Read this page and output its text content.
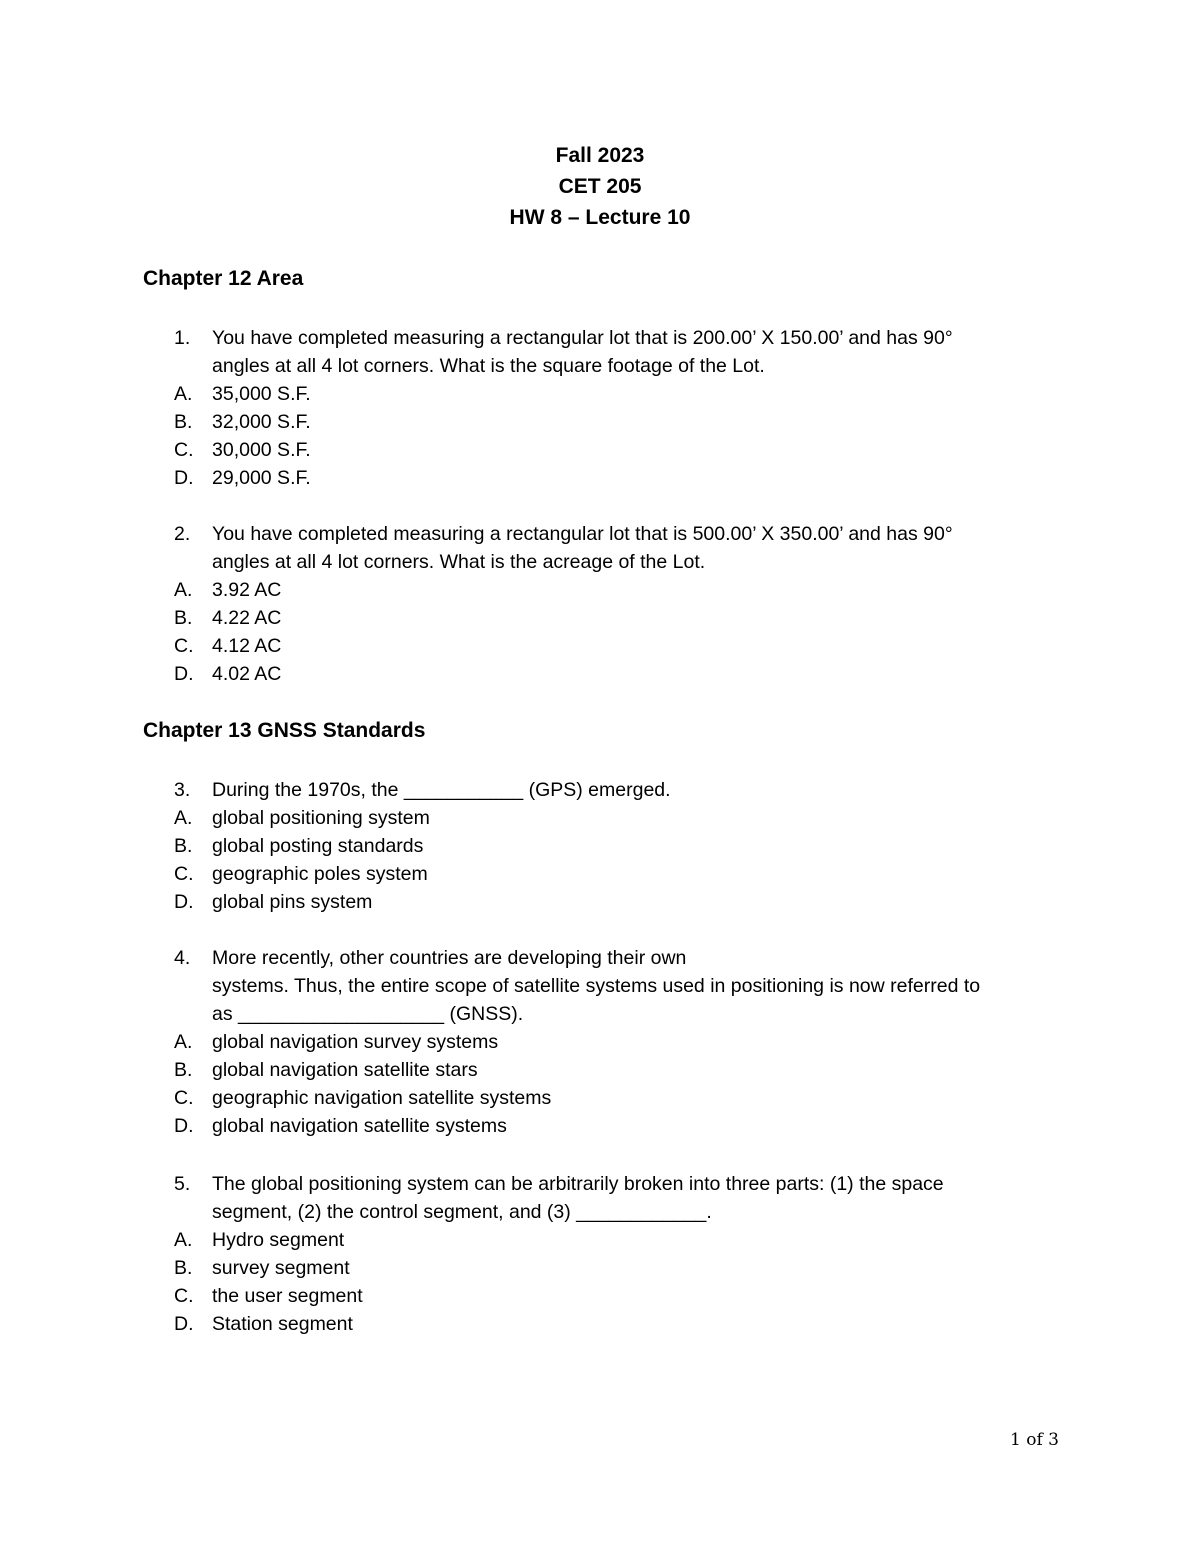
Fall 2023
CET 205
HW 8 – Lecture 10
Chapter 12 Area
1. You have completed measuring a rectangular lot that is 200.00’ X 150.00’ and has 90°
angles at all 4 lot corners. What is the square footage of the Lot.
A. 35,000 S.F.
B. 32,000 S.F.
C. 30,000 S.F.
D. 29,000 S.F.
2. You have completed measuring a rectangular lot that is 500.00’ X 350.00’ and has 90°
angles at all 4 lot corners. What is the acreage of the Lot.
A. 3.92 AC
B. 4.22 AC
C. 4.12 AC
D. 4.02 AC
Chapter 13 GNSS Standards
3. During the 1970s, the ___________ (GPS) emerged.
A. global positioning system
B. global posting standards
C. geographic poles system
D. global pins system
4. More recently, other countries are developing their own
systems. Thus, the entire scope of satellite systems used in positioning is now referred to
as ___________________ (GNSS).
A. global navigation survey systems
B. global navigation satellite stars
C. geographic navigation satellite systems
D. global navigation satellite systems
5. The global positioning system can be arbitrarily broken into three parts: (1) the space
segment, (2) the control segment, and (3) ____________.
A. Hydro segment
B. survey segment
C. the user segment
D. Station segment
1 of 3
